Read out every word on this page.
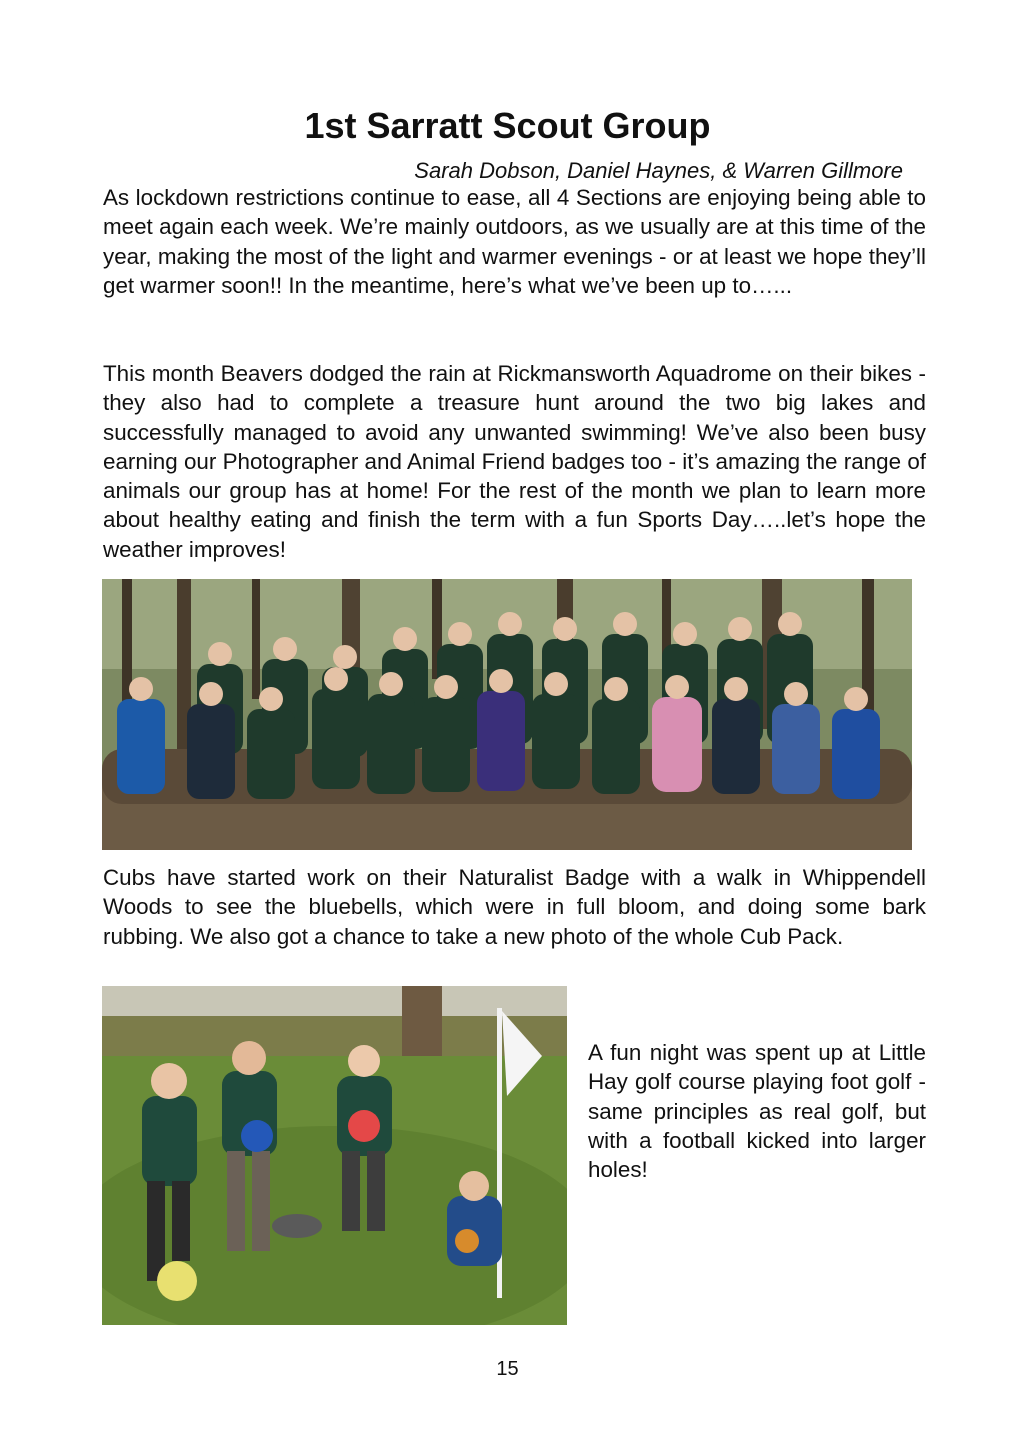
1st Sarratt Scout Group
Sarah Dobson, Daniel Haynes, & Warren Gillmore

As lockdown restrictions continue to ease, all 4 Sections are enjoying being able to meet again each week. We’re mainly outdoors, as we usually are at this time of the year, making the most of the light and warmer evenings - or at least we hope they’ll get warmer soon!! In the meantime, here’s what we’ve been up to…...

This month Beavers dodged the rain at Rickmansworth Aquadrome on their bikes - they also had to complete a treasure hunt around the two big lakes and successfully managed to avoid any unwanted swimming! We’ve also been busy earning our Photographer and Animal Friend badges too - it’s amazing the range of animals our group has at home! For the rest of the month we plan to learn more about healthy eating and finish the term with a fun Sports Day…..let’s hope the weather improves!

Cubs have started work on their Naturalist Badge with a walk in Whippendell Woods to see the bluebells, which were in full bloom, and doing some bark rubbing. We also got a chance to take a new photo of the whole Cub Pack.

A fun night was spent up at Little Hay golf course playing foot golf - same principles as real golf, but with a football kicked into larger holes!

15
